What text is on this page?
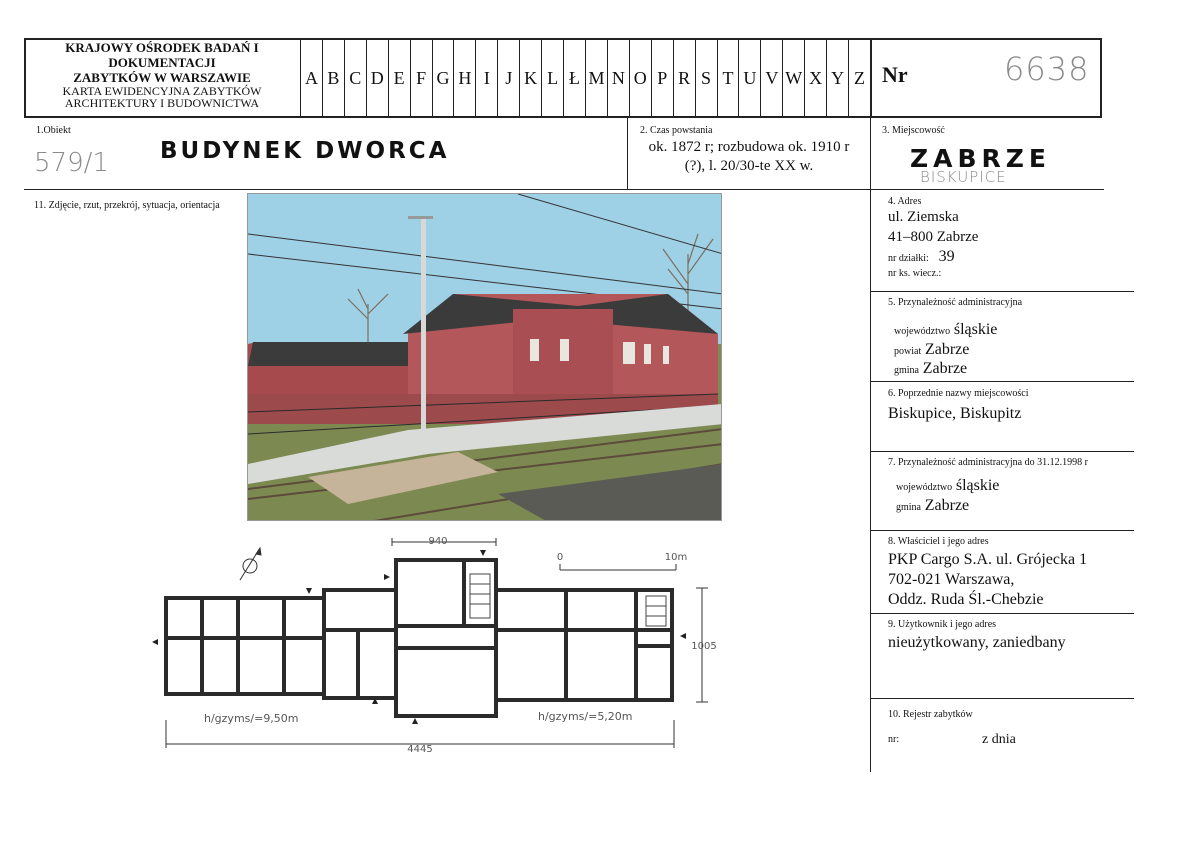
KRAJOWY OŚRODEK BADAŃ I
DOKUMENTACJI
ZABYTKÓW W WARSZAWIE
KARTA EWIDENCYJNA ZABYTKÓW
ARCHITEKTURY I BUDOWNICTWA
A B C D E F G H I J K L Ł M N O P R S T U V W X Y Z Nr	6638
1.Obiekt
579/1 BUDYNEK DWORCA
2. Czas powstania
ok. 1872 r; rozbudowa ok. 1910 r
(?), l. 20/30-te XX w.
3. Miejscowość
ZABRZE
BISKUPICE
11. Zdjęcie, rzut, przekrój, sytuacja, orientacja
940
1005
4445
0	10m
h/gzyms/=9,50m	h/gzyms/=5,20m
4. Adres
ul. Ziemska
41–800 Zabrze
nr działki: 39
nr ks. wiecz.:
5. Przynależność administracyjna
województwo śląskie
powiat Zabrze
gmina Zabrze
6. Poprzednie nazwy miejscowości
Biskupice, Biskupitz
7. Przynależność administracyjna do 31.12.1998 r
województwo śląskie
gmina Zabrze
8. Właściciel i jego adres
PKP Cargo S.A. ul. Grójecka 1
702-021 Warszawa,
Oddz. Ruda Śl.-Chebzie
9. Użytkownik i jego adres
nieużytkowany, zaniedbany
10. Rejestr zabytków
nr:	z dnia
